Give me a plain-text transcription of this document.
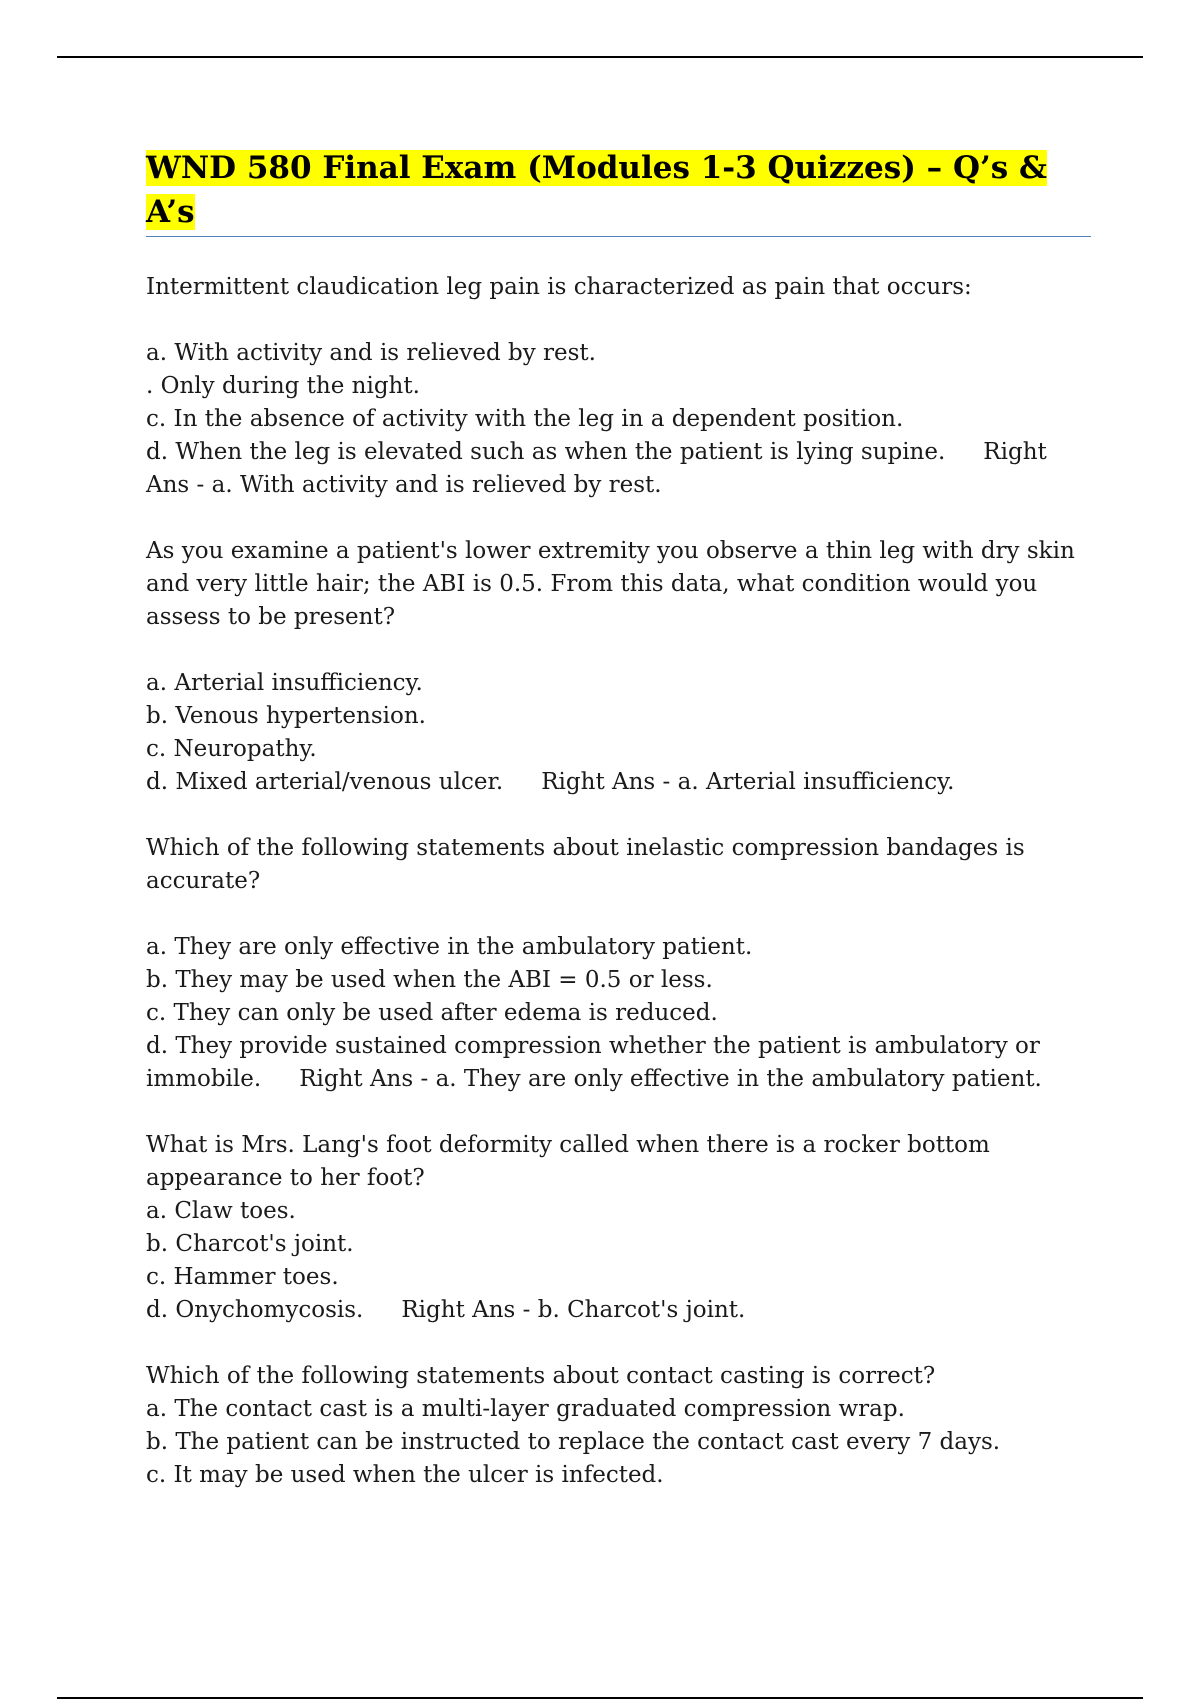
WND 580 Final Exam (Modules 1-3 Quizzes) – Q’s & A’s

Intermittent claudication leg pain is characterized as pain that occurs:

a. With activity and is relieved by rest.

. Only during the night.

c. In the absence of activity with the leg in a dependent position.

d. When the leg is elevated such as when the patient is lying supine. Right Ans - a. With activity and is relieved by rest.

As you examine a patient's lower extremity you observe a thin leg with dry skin and very little hair; the ABI is 0.5. From this data, what condition would you assess to be present?

a. Arterial insufficiency.

b. Venous hypertension.

c. Neuropathy.

d. Mixed arterial/venous ulcer. Right Ans - a. Arterial insufficiency.

Which of the following statements about inelastic compression bandages is accurate?

a. They are only effective in the ambulatory patient.

b. They may be used when the ABI = 0.5 or less.

c. They can only be used after edema is reduced.

d. They provide sustained compression whether the patient is ambulatory or immobile. Right Ans - a. They are only effective in the ambulatory patient.

What is Mrs. Lang's foot deformity called when there is a rocker bottom appearance to her foot?

a. Claw toes.

b. Charcot's joint.

c. Hammer toes.

d. Onychomycosis. Right Ans - b. Charcot's joint.

Which of the following statements about contact casting is correct?

a. The contact cast is a multi-layer graduated compression wrap.

b. The patient can be instructed to replace the contact cast every 7 days.

c. It may be used when the ulcer is infected.
